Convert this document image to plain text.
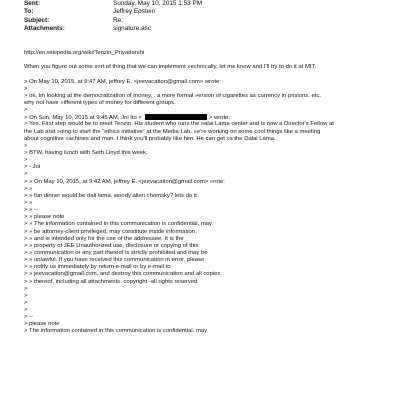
Sent:	Sunday, May 10, 2015 1:53 PM
To:	Jeffrey Epstein
Subject:	Re:
Attachments:	signature.asc
http://en.wikipedia.org/wiki/Tenzin_Priyadarshi
When you figure out some sort of thing that we can implement »echnically, let me know and I'll try to do it at MIT.
> On May 10, 2015, at 9:47 AM, jeffrey E. <jeevacation@gmail.com> wrote:
>
> ok, Im looking at the democratization of money, . a more formal »ersion of cigarettes as currency in prisions. etc.
why not have »ifferent types of money for different groups.
>
> On Sun, May 10, 2015 at 9:45 AM, Joi Ito <	> wrote:
> Yes. First step would be to meet Tenzin. His student who runs the »alai Lama center and is now a Director's Fellow at
the Lab and »oing to start the "ethics initiative" at the Media Lab. »e're working on some cool things like a meeting
about cognitive »achines and man. I think you'll probably like him. He can get »s the Dalai Lama.
>
> BTW, having lunch with Seth Lloyd this week.
>
> - Joi
>
> » On May 10, 2015, at 9:42 AM, jeffrey E. <jeevacation@gmail.com> »rote:
> »
> » fun dinner would be dali lama. woody allen chomsky? lets do it
> »
> » --
> » please note
> » The information contained in this communication is confidential, may
> » be attorney-client privileged, may constitute inside information,
> » and is intended only for the use of the addressee. It is the
> » property of JEE Unauthorized use, disclosure or copying of this
> » communication or any part thereof is strictly prohibited and may be
> » unlawful. If you have received this communication in error, please
> » notify us immediately by return e-mail or by e-mail to
> » jeevacation@gmail.com, and destroy this communication and all copies
> » thereof, including all attachments. copyright -all rights reserved
>
>
>
>
> --
> please note
> The information contained in this communication is confidential, may
